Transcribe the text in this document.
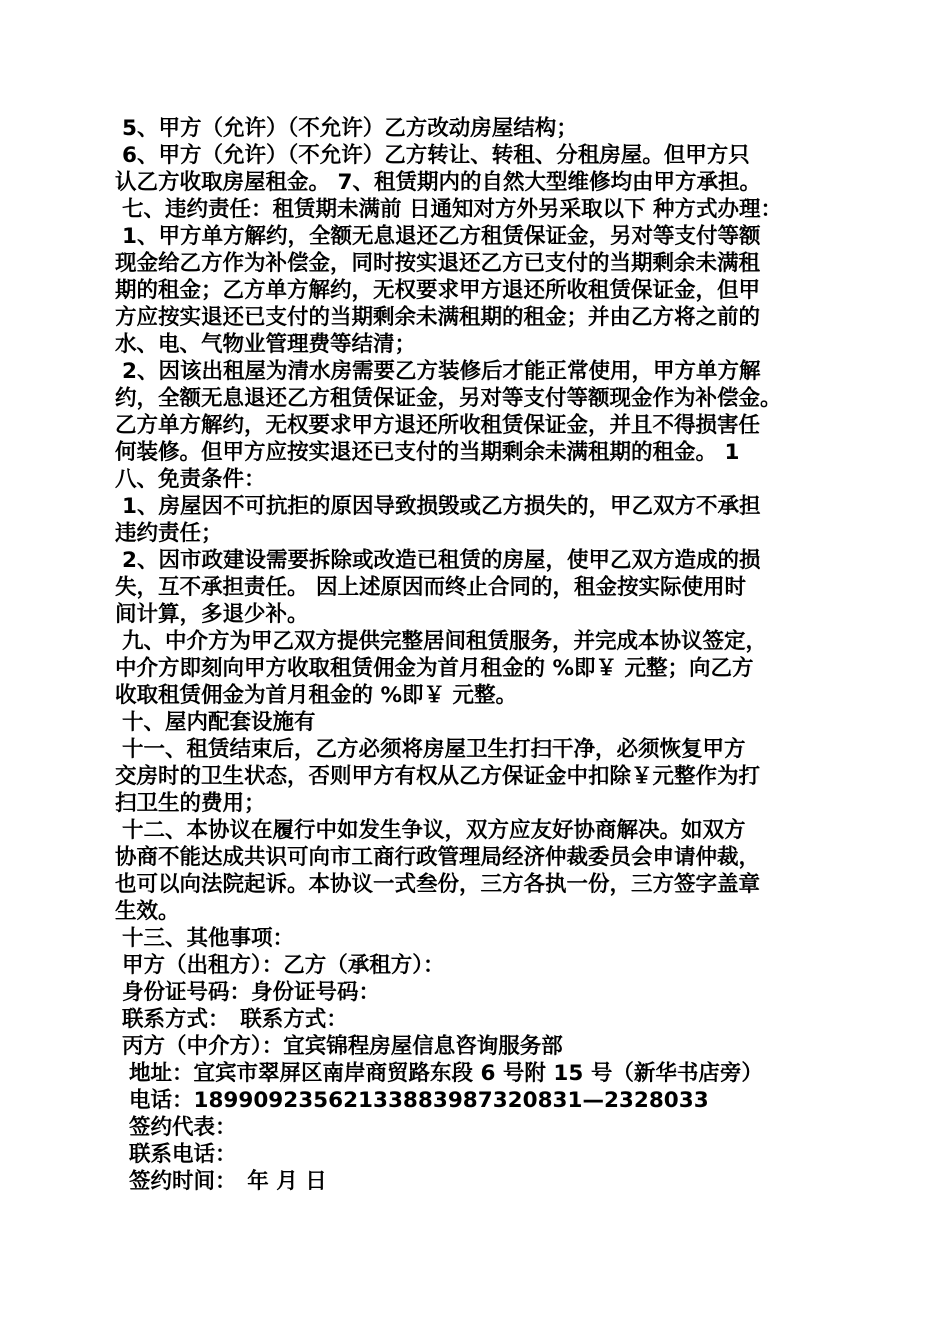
5、甲方（允许）（不允许）乙方改动房屋结构；
6、甲方（允许）（不允许）乙方转让、转租、分租房屋。但甲方只
认乙方收取房屋租金。 7、租赁期内的自然大型维修均由甲方承担。
七、违约责任：租赁期未满前 日通知对方外另采取以下 种方式办理：
1、甲方单方解约，全额无息退还乙方租赁保证金，另对等支付等额
现金给乙方作为补偿金，同时按实退还乙方已支付的当期剩余未满租
期的租金；乙方单方解约，无权要求甲方退还所收租赁保证金，但甲
方应按实退还已支付的当期剩余未满租期的租金；并由乙方将之前的
水、电、气物业管理费等结清；
2、因该出租屋为清水房需要乙方装修后才能正常使用，甲方单方解
约，全额无息退还乙方租赁保证金，另对等支付等额现金作为补偿金。
乙方单方解约，无权要求甲方退还所收租赁保证金，并且不得损害任
何装修。但甲方应按实退还已支付的当期剩余未满租期的租金。 1
八、免责条件：
1、房屋因不可抗拒的原因导致损毁或乙方损失的，甲乙双方不承担
违约责任；
2、因市政建设需要拆除或改造已租赁的房屋，使甲乙双方造成的损
失，互不承担责任。 因上述原因而终止合同的，租金按实际使用时
间计算，多退少补。
九、中介方为甲乙双方提供完整居间租赁服务，并完成本协议签定，
中介方即刻向甲方收取租赁佣金为首月租金的 %即￥ 元整；向乙方
收取租赁佣金为首月租金的 %即￥ 元整。
十、屋内配套设施有
十一、租赁结束后，乙方必须将房屋卫生打扫干净，必须恢复甲方
交房时的卫生状态，否则甲方有权从乙方保证金中扣除￥元整作为打
扫卫生的费用；
十二、本协议在履行中如发生争议，双方应友好协商解决。如双方
协商不能达成共识可向市工商行政管理局经济仲裁委员会申请仲裁，
也可以向法院起诉。本协议一式叁份，三方各执一份，三方签字盖章
生效。
十三、其他事项：
甲方（出租方）：乙方（承租方）：
身份证号码：身份证号码：
联系方式：　联系方式：
丙方（中介方）：宜宾锦程房屋信息咨询服务部
地址：宜宾市翠屏区南岸商贸路东段 6 号附 15 号（新华书店旁）
电话：18990923562133883987320831—2328033
签约代表：
联系电话：
签约时间：　年 月 日
